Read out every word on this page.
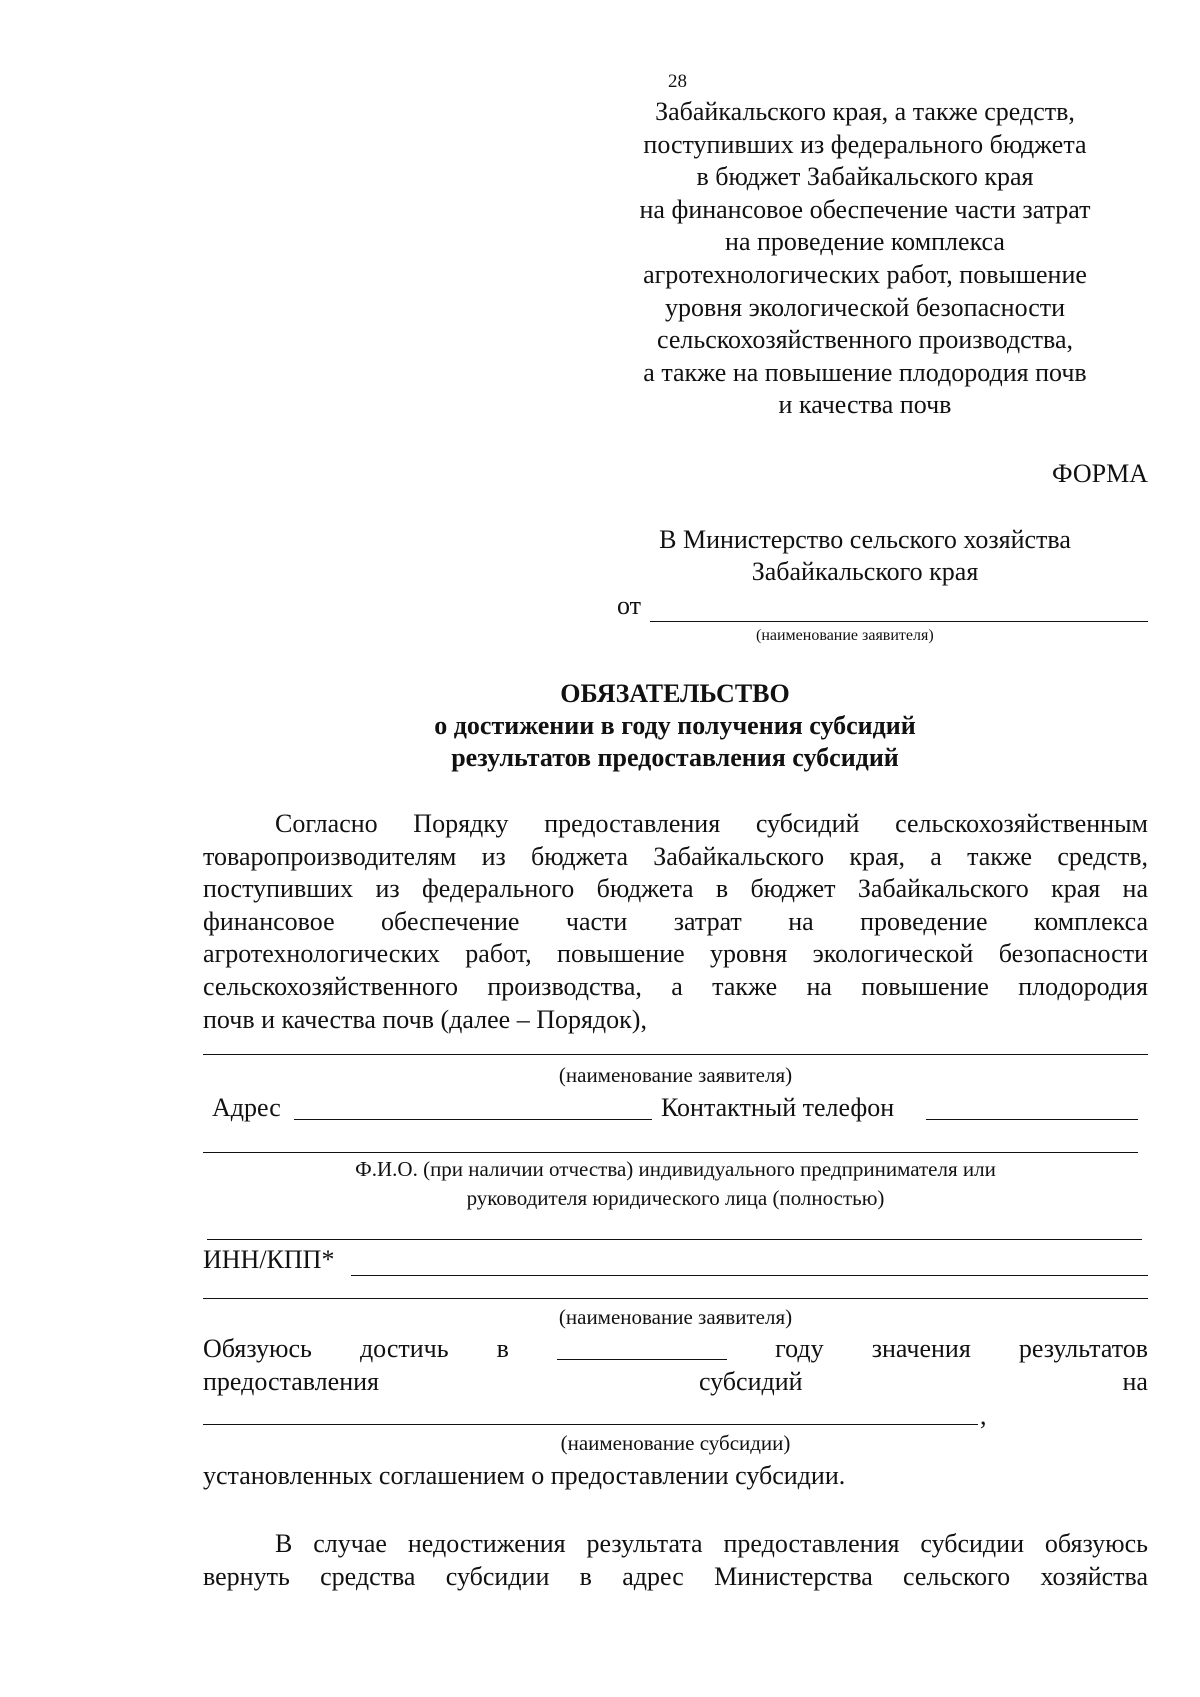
28
Забайкальского края, а также средств,
поступивших из федерального бюджета
в бюджет Забайкальского края
на финансовое обеспечение части затрат
на проведение комплекса
агротехнологических работ, повышение
уровня экологической безопасности
сельскохозяйственного производства,
а также на повышение плодородия почв
и качества почв
ФОРМА
В Министерство сельского хозяйства
Забайкальского края
от
(наименование заявителя)
ОБЯЗАТЕЛЬСТВО
о достижении в году получения субсидий
результатов предоставления субсидий
Согласно Порядку предоставления субсидий сельскохозяйственным
товаропроизводителям из бюджета Забайкальского края, а также средств,
поступивших из федерального бюджета в бюджет Забайкальского края на
финансовое обеспечение части затрат на проведение комплекса
агротехнологических работ, повышение уровня экологической безопасности
сельскохозяйственного производства, а также на повышение плодородия
почв и качества почв (далее – Порядок),
(наименование заявителя)
Адрес	Контактный телефон
Ф.И.О. (при наличии отчества) индивидуального предпринимателя или
руководителя юридического лица (полностью)
ИНН/КПП*
(наименование заявителя)
Обязуюсь достичь в	году значения результатов
предоставления	субсидий	на
,
(наименование субсидии)
установленных соглашением о предоставлении субсидии.
В случае недостижения результата предоставления субсидии обязуюсь
вернуть средства субсидии в адрес Министерства сельского хозяйства
